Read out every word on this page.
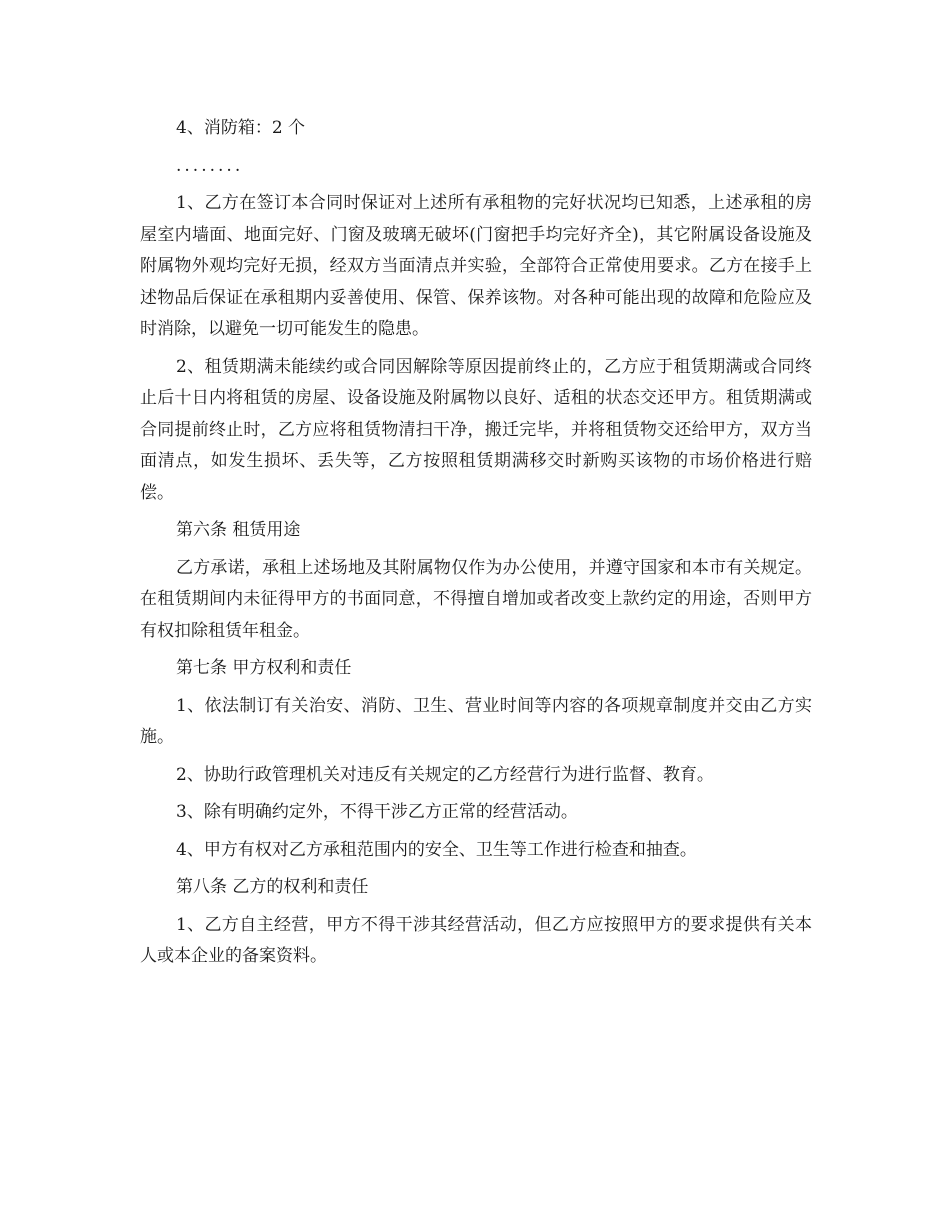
4、消防箱：2 个

........

1、乙方在签订本合同时保证对上述所有承租物的完好状况均已知悉，上述承租的房屋室内墙面、地面完好、门窗及玻璃无破坏(门窗把手均完好齐全)，其它附属设备设施及附属物外观均完好无损，经双方当面清点并实验，全部符合正常使用要求。乙方在接手上述物品后保证在承租期内妥善使用、保管、保养该物。对各种可能出现的故障和危险应及时消除，以避免一切可能发生的隐患。

2、租赁期满未能续约或合同因解除等原因提前终止的，乙方应于租赁期满或合同终止后十日内将租赁的房屋、设备设施及附属物以良好、适租的状态交还甲方。租赁期满或合同提前终止时，乙方应将租赁物清扫干净，搬迁完毕，并将租赁物交还给甲方，双方当面清点，如发生损坏、丢失等，乙方按照租赁期满移交时新购买该物的市场价格进行赔偿。

第六条 租赁用途

乙方承诺，承租上述场地及其附属物仅作为办公使用，并遵守国家和本市有关规定。在租赁期间内未征得甲方的书面同意，不得擅自增加或者改变上款约定的用途，否则甲方有权扣除租赁年租金。

第七条 甲方权利和责任

1、依法制订有关治安、消防、卫生、营业时间等内容的各项规章制度并交由乙方实施。

2、协助行政管理机关对违反有关规定的乙方经营行为进行监督、教育。

3、除有明确约定外，不得干涉乙方正常的经营活动。

4、甲方有权对乙方承租范围内的安全、卫生等工作进行检查和抽查。

第八条 乙方的权利和责任

1、乙方自主经营，甲方不得干涉其经营活动，但乙方应按照甲方的要求提供有关本人或本企业的备案资料。
